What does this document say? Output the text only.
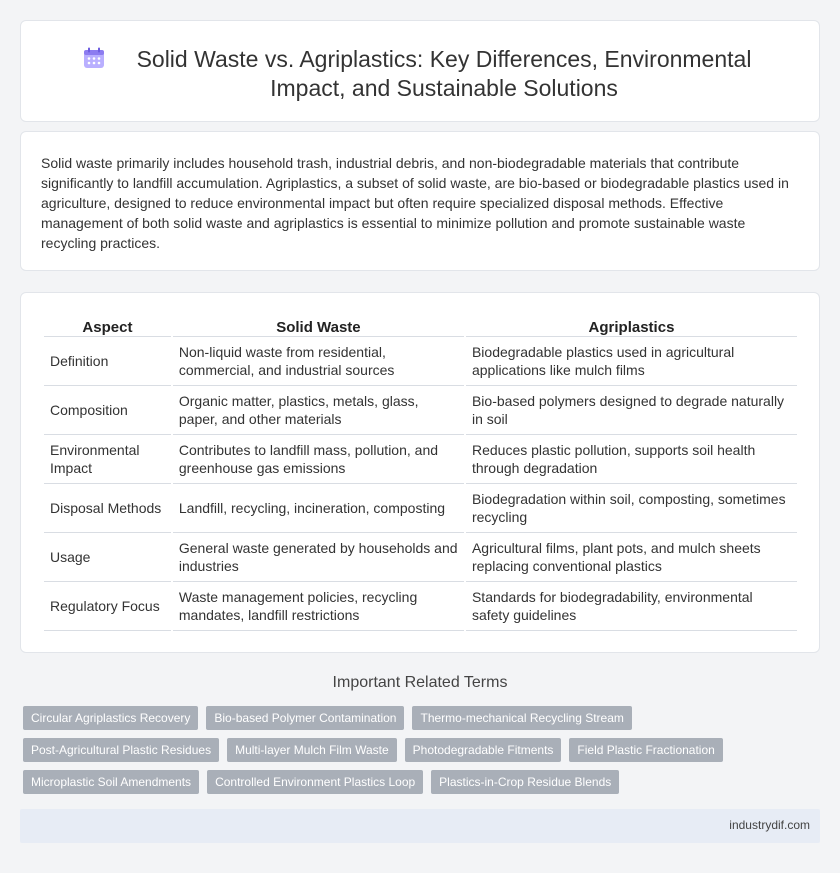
Solid Waste vs. Agriplastics: Key Differences, Environmental Impact, and Sustainable Solutions

Solid waste primarily includes household trash, industrial debris, and non-biodegradable materials that contribute significantly to landfill accumulation. Agriplastics, a subset of solid waste, are bio-based or biodegradable plastics used in agriculture, designed to reduce environmental impact but often require specialized disposal methods. Effective management of both solid waste and agriplastics is essential to minimize pollution and promote sustainable waste recycling practices.

Aspect	Solid Waste	Agriplastics
Definition	Non-liquid waste from residential, commercial, and industrial sources	Biodegradable plastics used in agricultural applications like mulch films
Composition	Organic matter, plastics, metals, glass, paper, and other materials	Bio-based polymers designed to degrade naturally in soil
Environmental Impact	Contributes to landfill mass, pollution, and greenhouse gas emissions	Reduces plastic pollution, supports soil health through degradation
Disposal Methods	Landfill, recycling, incineration, composting	Biodegradation within soil, composting, sometimes recycling
Usage	General waste generated by households and industries	Agricultural films, plant pots, and mulch sheets replacing conventional plastics
Regulatory Focus	Waste management policies, recycling mandates, landfill restrictions	Standards for biodegradability, environmental safety guidelines
Important Related Terms
Circular Agriplastics Recovery	Bio-based Polymer Contamination	Thermo-mechanical Recycling Stream
Post-Agricultural Plastic Residues	Multi-layer Mulch Film Waste	Photodegradable Fitments	Field Plastic Fractionation
Microplastic Soil Amendments	Controlled Environment Plastics Loop	Plastics-in-Crop Residue Blends
industrydif.com
